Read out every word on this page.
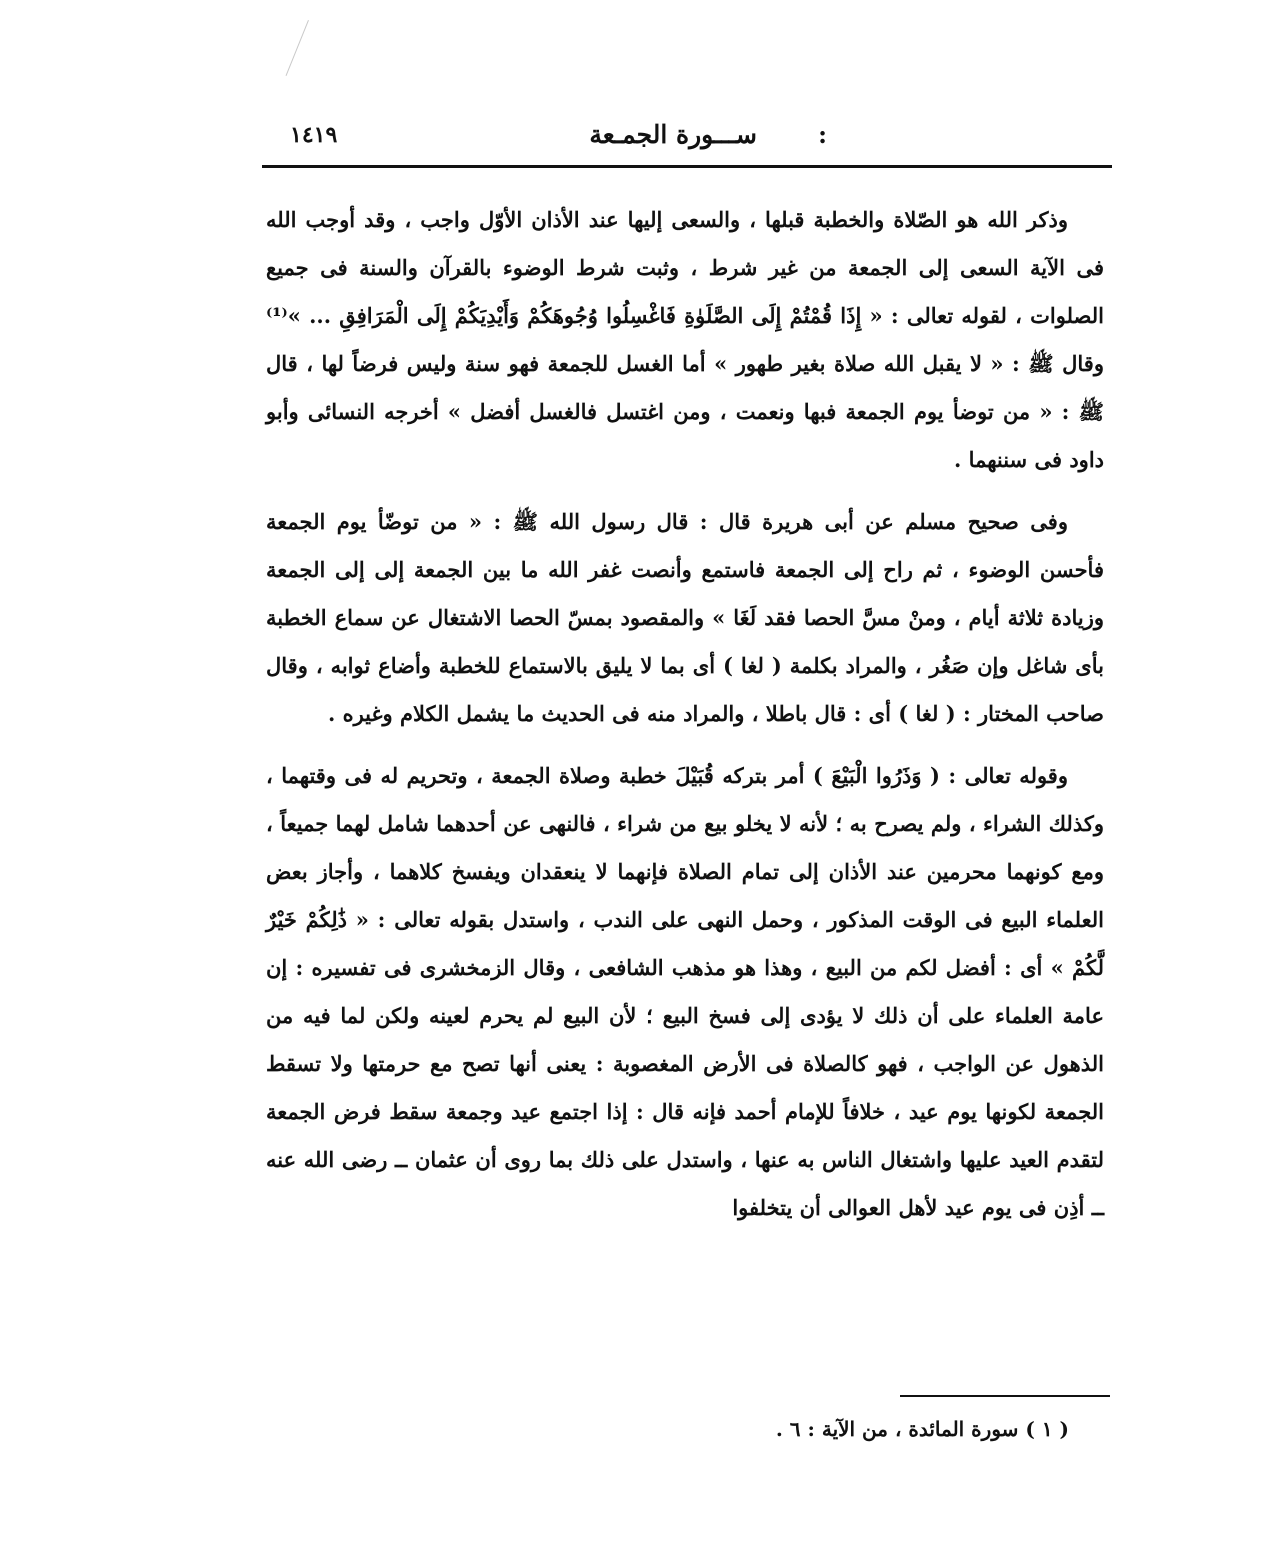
ســـورة الجمـعة	:
١٤١٩

وذكر الله هو الصّلاة والخطبة قبلها ، والسعى إليها عند الأذان الأوّل واجب ، وقد أوجب الله فى الآية السعى إلى الجمعة من غير شرط ، وثبت شرط الوضوء بالقرآن والسنة فى جميع الصلوات ، لقوله تعالى : « إِذَا قُمْتُمْ إِلَى الصَّلَوٰةِ فَاغْسِلُوا وُجُوهَكُمْ وَأَيْدِيَكُمْ إِلَى الْمَرَافِقِ ... »⁽¹⁾ وقال ﷺ : « لا يقبل الله صلاة بغير طهور » أما الغسل للجمعة فهو سنة وليس فرضاً لها ، قال ﷺ : « من توضأ يوم الجمعة فبها ونعمت ، ومن اغتسل فالغسل أفضل » أخرجه النسائى وأبو داود فى سننهما .

وفى صحيح مسلم عن أبى هريرة قال : قال رسول الله ﷺ : « من توضّأ يوم الجمعة فأحسن الوضوء ، ثم راح إلى الجمعة فاستمع وأنصت غفر الله ما بين الجمعة إلى إلى الجمعة وزيادة ثلاثة أيام ، ومنْ مسَّ الحصا فقد لَغَا » والمقصود بمسّ الحصا الاشتغال عن سماع الخطبة بأى شاغل وإن صَغُر ، والمراد بكلمة ( لغا ) أى بما لا يليق بالاستماع للخطبة وأضاع ثوابه ، وقال صاحب المختار : ( لغا ) أى : قال باطلا ، والمراد منه فى الحديث ما يشمل الكلام وغيره .

وقوله تعالى : ( وَذَرُوا الْبَيْعَ ) أمر بتركه قُبَيْلَ خطبة وصلاة الجمعة ، وتحريم له فى وقتهما ، وكذلك الشراء ، ولم يصرح به ؛ لأنه لا يخلو بيع من شراء ، فالنهى عن أحدهما شامل لهما جميعاً ، ومع كونهما محرمين عند الأذان إلى تمام الصلاة فإنهما لا ينعقدان ويفسخ كلاهما ، وأجاز بعض العلماء البيع فى الوقت المذكور ، وحمل النهى على الندب ، واستدل بقوله تعالى : « ذَٰلِكُمْ خَيْرٌ لَّكُمْ » أى : أفضل لكم من البيع ، وهذا هو مذهب الشافعى ، وقال الزمخشرى فى تفسيره : إن عامة العلماء على أن ذلك لا يؤدى إلى فسخ البيع ؛ لأن البيع لم يحرم لعينه ولكن لما فيه من الذهول عن الواجب ، فهو كالصلاة فى الأرض المغصوبة : يعنى أنها تصح مع حرمتها ولا تسقط الجمعة لكونها يوم عيد ، خلافاً للإمام أحمد فإنه قال : إذا اجتمع عيد وجمعة سقط فرض الجمعة لتقدم العيد عليها واشتغال الناس به عنها ، واستدل على ذلك بما روى أن عثمان ــ رضى الله عنه ــ أذِن فى يوم عيد لأهل العوالى أن يتخلفوا

( ١ ) سورة المائدة ، من الآية : ٦ .
